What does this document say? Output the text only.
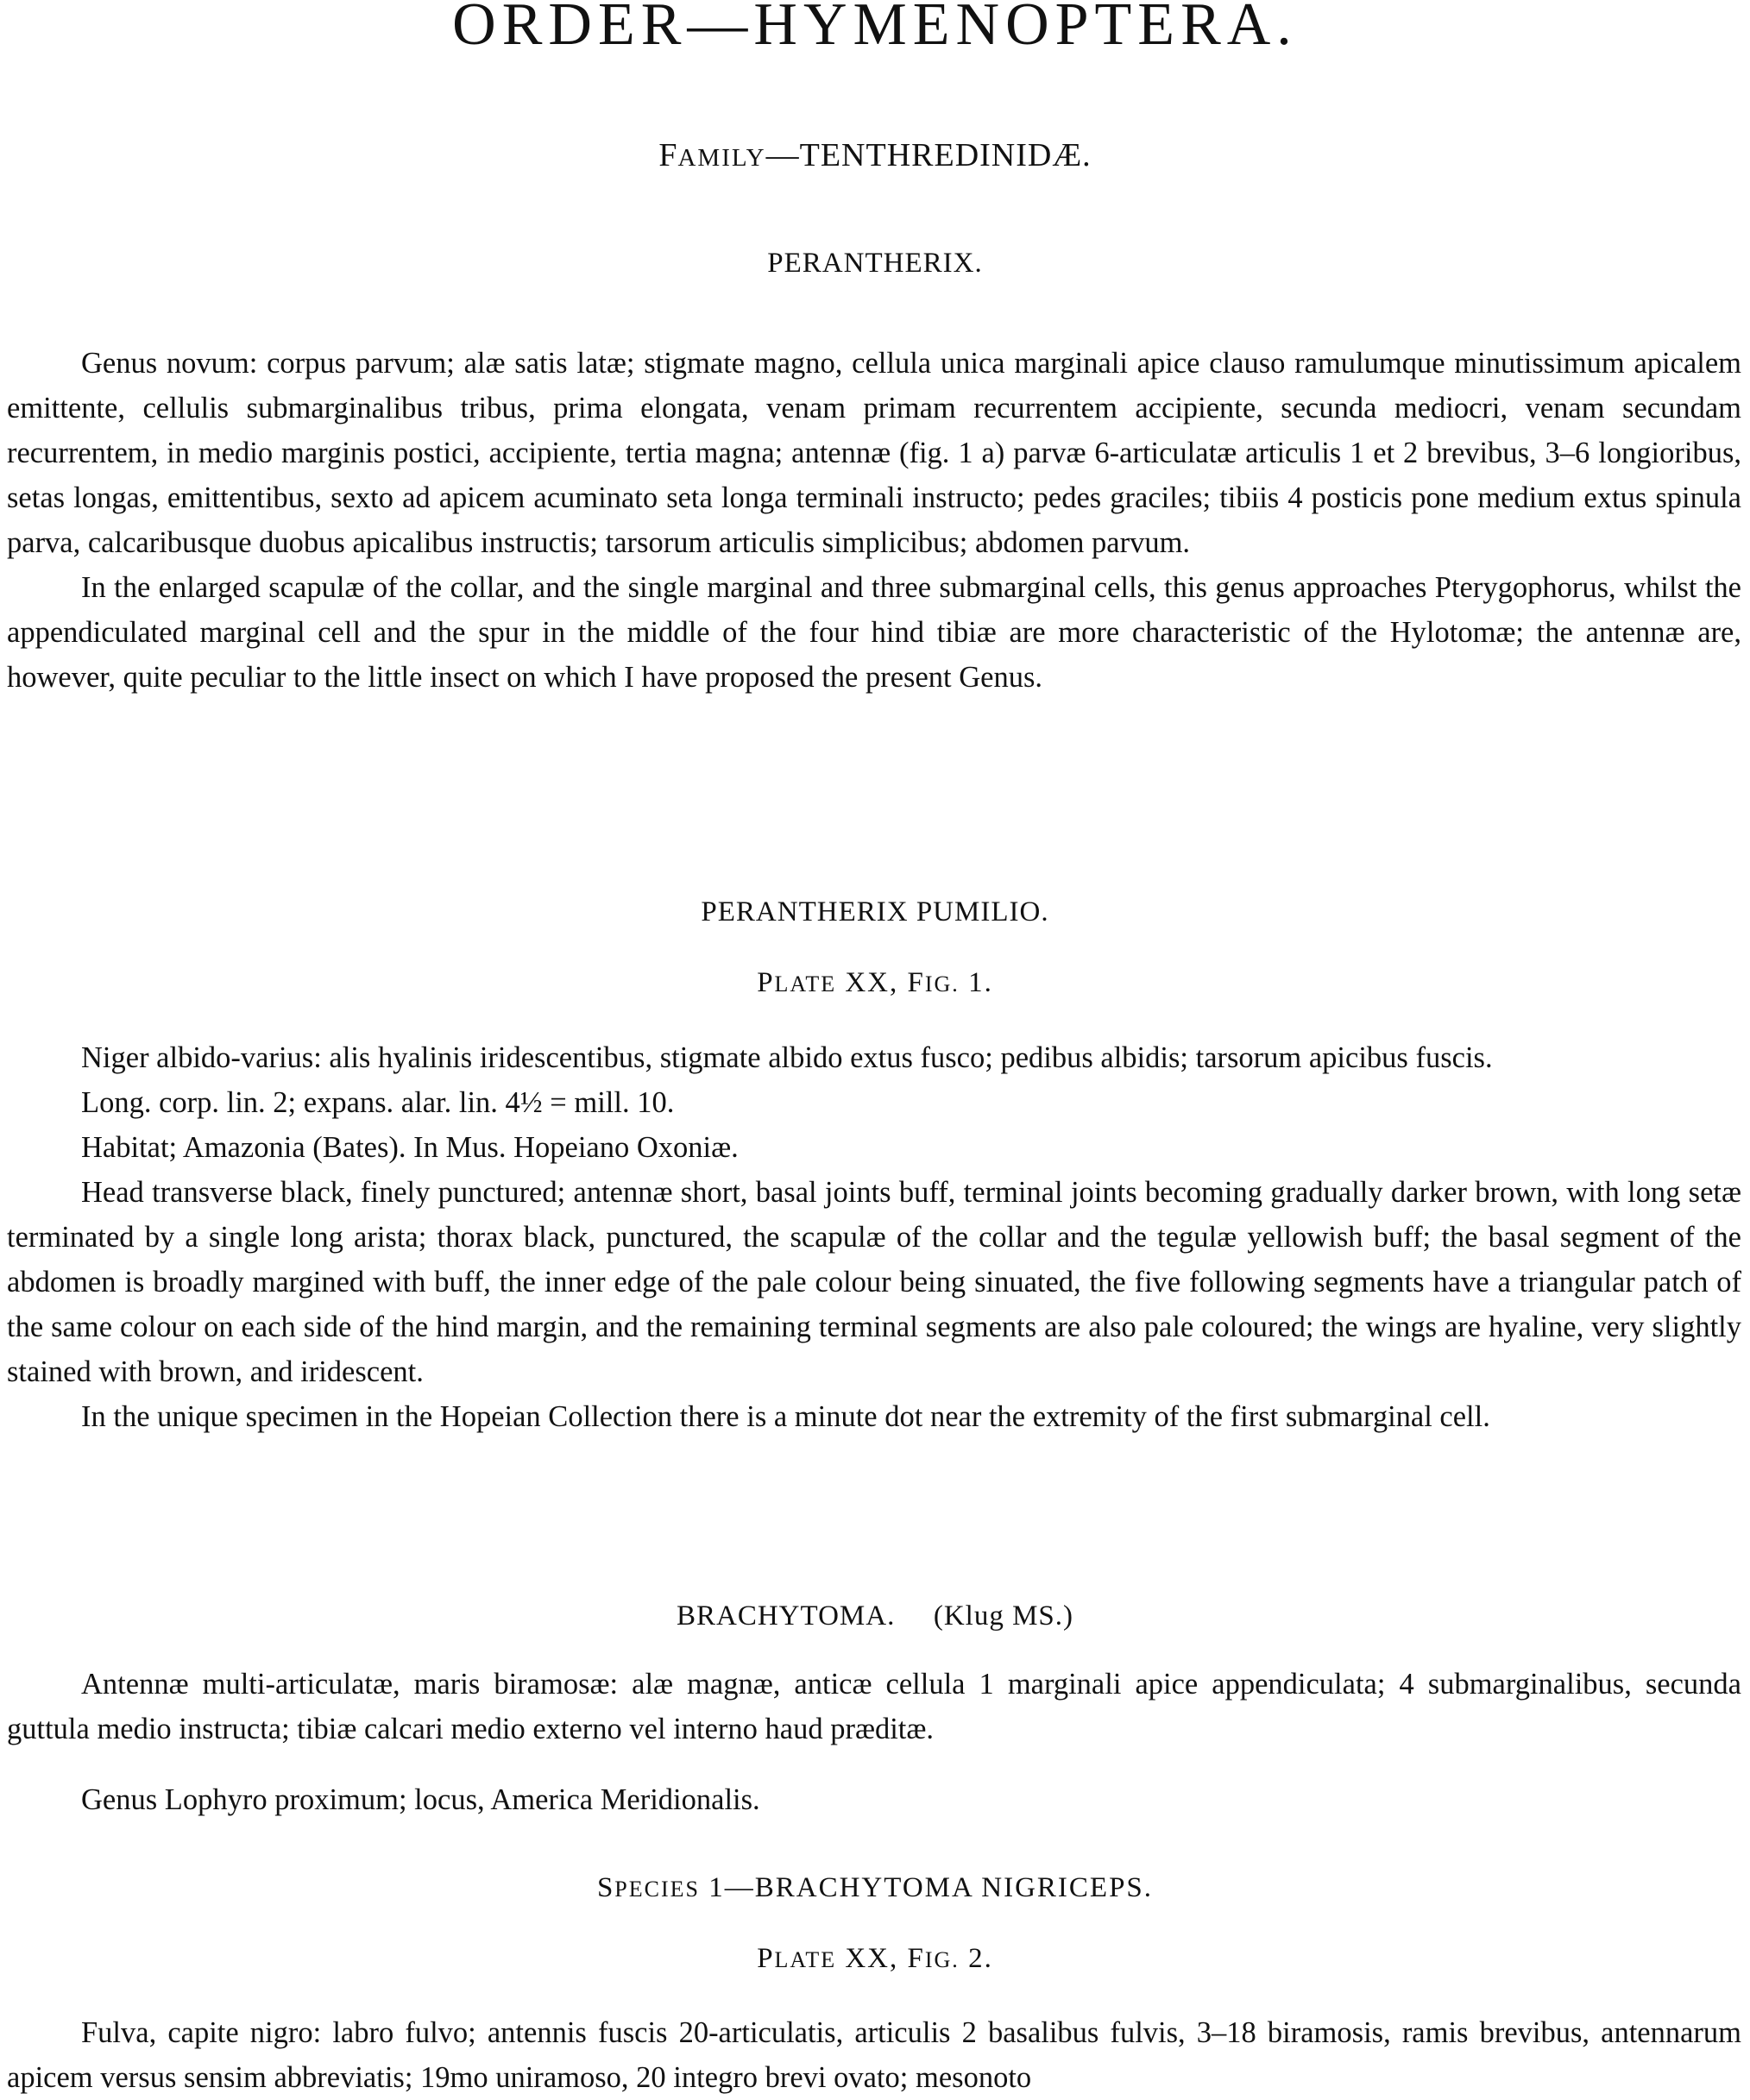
ORDER—HYMENOPTERA.
FAMILY—TENTHREDINIDÆ.
PERANTHERIX.

Genus novum: corpus parvum; alæ satis latæ; stigmate magno, cellula unica marginali apice clauso ramulumque minutissimum apicalem emittente, cellulis submarginalibus tribus, prima elongata, venam primam recurrentem accipiente, secunda mediocri, venam secundam recurrentem, in medio marginis postici, accipiente, tertia magna; antennæ (fig. 1 a) parvæ 6-articulatæ articulis 1 et 2 brevibus, 3–6 longioribus, setas longas, emittentibus, sexto ad apicem acuminato seta longa terminali instructo; pedes graciles; tibiis 4 posticis pone medium extus spinula parva, calcaribusque duobus apicalibus instructis; tarsorum articulis simplicibus; abdomen parvum.

In the enlarged scapulæ of the collar, and the single marginal and three submarginal cells, this genus approaches Pterygophorus, whilst the appendiculated marginal cell and the spur in the middle of the four hind tibiæ are more characteristic of the Hylotomæ; the antennæ are, however, quite peculiar to the little insect on which I have proposed the present Genus.

PERANTHERIX PUMILIO.
PLATE XX, FIG. 1.

Niger albido-varius: alis hyalinis iridescentibus, stigmate albido extus fusco; pedibus albidis; tarsorum apicibus fuscis.

Long. corp. lin. 2; expans. alar. lin. 4½ = mill. 10.

Habitat; Amazonia (Bates). In Mus. Hopeiano Oxoniæ.

Head transverse black, finely punctured; antennæ short, basal joints buff, terminal joints becoming gradually darker brown, with long setæ terminated by a single long arista; thorax black, punctured, the scapulæ of the collar and the tegulæ yellowish buff; the basal segment of the abdomen is broadly margined with buff, the inner edge of the pale colour being sinuated, the five following segments have a triangular patch of the same colour on each side of the hind margin, and the remaining terminal segments are also pale coloured; the wings are hyaline, very slightly stained with brown, and iridescent.

In the unique specimen in the Hopeian Collection there is a minute dot near the extremity of the first submarginal cell.

BRACHYTOMA. (Klug MS.)

Antennæ multi-articulatæ, maris biramosæ: alæ magnæ, anticæ cellula 1 marginali apice appendiculata; 4 submarginalibus, secunda guttula medio instructa; tibiæ calcari medio externo vel interno haud præditæ.

Genus Lophyro proximum; locus, America Meridionalis.

SPECIES 1—BRACHYTOMA NIGRICEPS.
PLATE XX, FIG. 2.

Fulva, capite nigro: labro fulvo; antennis fuscis 20-articulatis, articulis 2 basalibus fulvis, 3–18 biramosis, ramis brevibus, antennarum apicem versus sensim abbreviatis; 19mo uniramoso, 20 integro brevi ovato; mesonoto
